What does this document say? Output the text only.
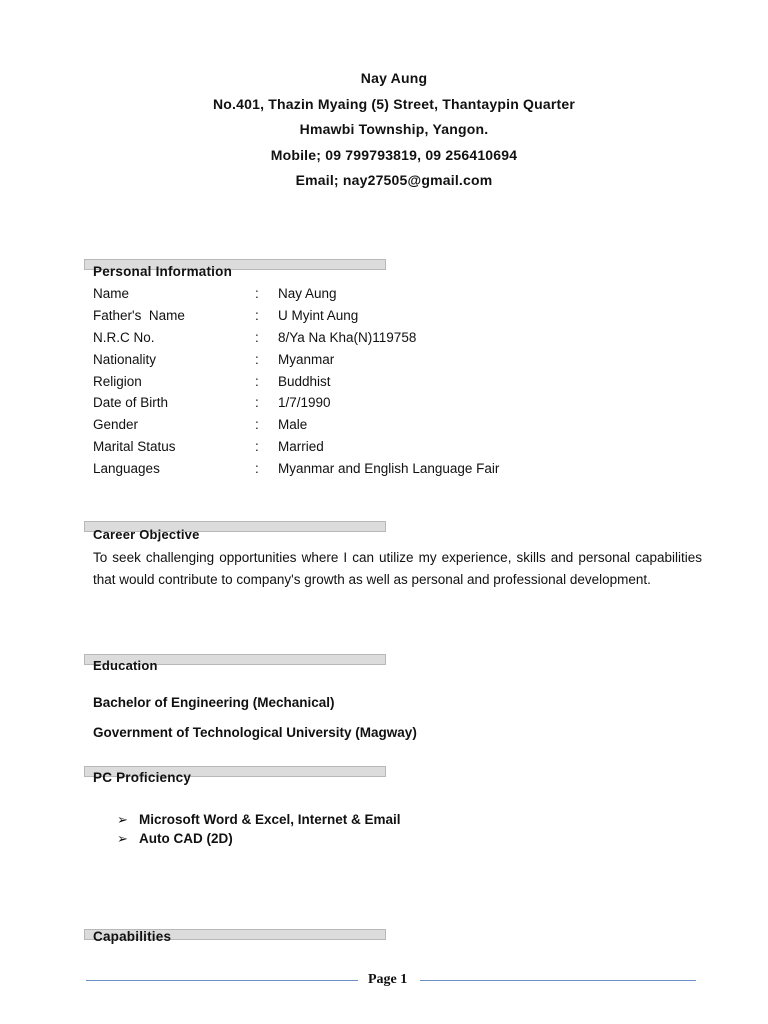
Nay Aung
No.401, Thazin Myaing (5) Street, Thantaypin Quarter
Hmawbi Township, Yangon.
Mobile; 09 799793819, 09 256410694
Email; nay27505@gmail.com
Personal Information
Name	: Nay Aung
Father's  Name	: U Myint Aung
N.R.C No.	: 8/Ya Na Kha(N)119758
Nationality	: Myanmar
Religion	: Buddhist
Date of Birth	: 1/7/1990
Gender	: Male
Marital Status	: Married
Languages	: Myanmar and English Language Fair
Career Objective
To seek challenging opportunities where I can utilize my experience, skills and personal capabilities that would contribute to company's growth as well as personal and professional development.
Education
Bachelor of Engineering (Mechanical)
Government of Technological University (Magway)
PC Proficiency
➢ Microsoft Word & Excel, Internet & Email
➢ Auto CAD (2D)
Capabilities
Page 1
